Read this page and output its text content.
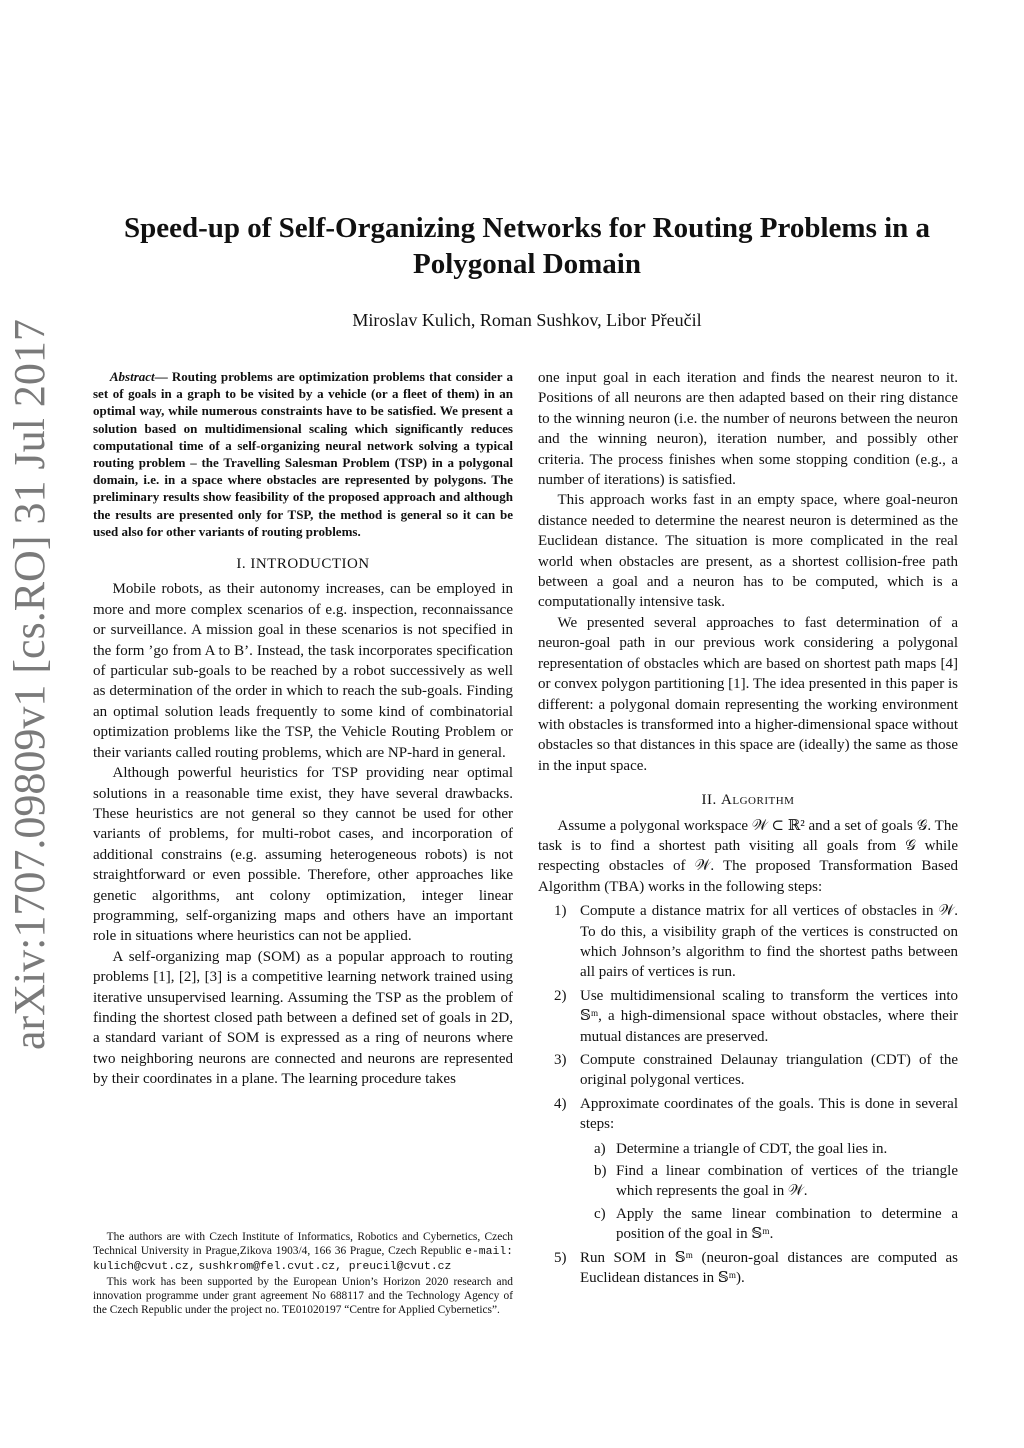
arXiv:1707.09809v1 [cs.RO] 31 Jul 2017
Speed-up of Self-Organizing Networks for Routing Problems in a Polygonal Domain
Miroslav Kulich, Roman Sushkov, Libor Přeučil

Abstract— Routing problems are optimization problems that consider a set of goals in a graph to be visited by a vehicle (or a fleet of them) in an optimal way, while numerous constraints have to be satisfied. We present a solution based on multidimensional scaling which significantly reduces computational time of a self-organizing neural network solving a typical routing problem – the Travelling Salesman Problem (TSP) in a polygonal domain, i.e. in a space where obstacles are represented by polygons. The preliminary results show feasibility of the proposed approach and although the results are presented only for TSP, the method is general so it can be used also for other variants of routing problems.

I. INTRODUCTION

Mobile robots, as their autonomy increases, can be employed in more and more complex scenarios of e.g. inspection, reconnaissance or surveillance. A mission goal in these scenarios is not specified in the form ’go from A to B’. Instead, the task incorporates specification of particular sub-goals to be reached by a robot successively as well as determination of the order in which to reach the sub-goals. Finding an optimal solution leads frequently to some kind of combinatorial optimization problems like the TSP, the Vehicle Routing Problem or their variants called routing problems, which are NP-hard in general.

Although powerful heuristics for TSP providing near optimal solutions in a reasonable time exist, they have several drawbacks. These heuristics are not general so they cannot be used for other variants of problems, for multi-robot cases, and incorporation of additional constrains (e.g. assuming heterogeneous robots) is not straightforward or even possible. Therefore, other approaches like genetic algorithms, ant colony optimization, integer linear programming, self-organizing maps and others have an important role in situations where heuristics can not be applied.

A self-organizing map (SOM) as a popular approach to routing problems [1], [2], [3] is a competitive learning network trained using iterative unsupervised learning. Assuming the TSP as the problem of finding the shortest closed path between a defined set of goals in 2D, a standard variant of SOM is expressed as a ring of neurons where two neighboring neurons are connected and neurons are represented by their coordinates in a plane. The learning procedure takes

The authors are with Czech Institute of Informatics, Robotics and Cybernetics, Czech Technical University in Prague,Zikova 1903/4, 166 36 Prague, Czech Republic e-mail: kulich@cvut.cz, sushkrom@fel.cvut.cz, preucil@cvut.cz

This work has been supported by the European Union’s Horizon 2020 research and innovation programme under grant agreement No 688117 and the Technology Agency of the Czech Republic under the project no. TE01020197 “Centre for Applied Cybernetics”.

one input goal in each iteration and finds the nearest neuron to it. Positions of all neurons are then adapted based on their ring distance to the winning neuron (i.e. the number of neurons between the neuron and the winning neuron), iteration number, and possibly other criteria. The process finishes when some stopping condition (e.g., a number of iterations) is satisfied.

This approach works fast in an empty space, where goal-neuron distance needed to determine the nearest neuron is determined as the Euclidean distance. The situation is more complicated in the real world when obstacles are present, as a shortest collision-free path between a goal and a neuron has to be computed, which is a computationally intensive task.

We presented several approaches to fast determination of a neuron-goal path in our previous work considering a polygonal representation of obstacles which are based on shortest path maps [4] or convex polygon partitioning [1]. The idea presented in this paper is different: a polygonal domain representing the working environment with obstacles is transformed into a higher-dimensional space without obstacles so that distances in this space are (ideally) the same as those in the input space.

II. Algorithm

Assume a polygonal workspace 𝒲 ⊂ ℝ² and a set of goals 𝒢. The task is to find a shortest path visiting all goals from 𝒢 while respecting obstacles of 𝒲. The proposed Transformation Based Algorithm (TBA) works in the following steps:

1) Compute a distance matrix for all vertices of obstacles in 𝒲. To do this, a visibility graph of the vertices is constructed on which Johnson’s algorithm to find the shortest paths between all pairs of vertices is run.
2) Use multidimensional scaling to transform the vertices into 𝕊ᵐ, a high-dimensional space without obstacles, where their mutual distances are preserved.
3) Compute constrained Delaunay triangulation (CDT) of the original polygonal vertices.
4) Approximate coordinates of the goals. This is done in several steps:
a) Determine a triangle of CDT, the goal lies in.
b) Find a linear combination of vertices of the triangle which represents the goal in 𝒲.
c) Apply the same linear combination to determine a position of the goal in 𝕊ᵐ.
5) Run SOM in 𝕊ᵐ (neuron-goal distances are computed as Euclidean distances in 𝕊ᵐ).
